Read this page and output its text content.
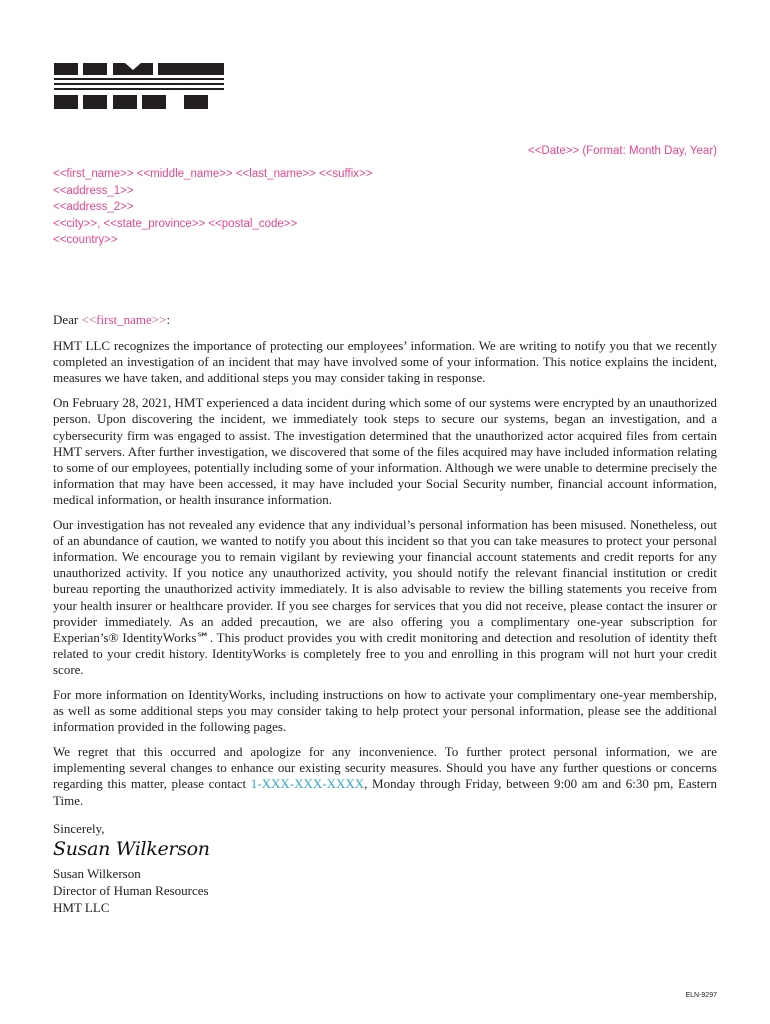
<<Date>> (Format: Month Day, Year)
<<first_name>> <<middle_name>> <<last_name>> <<suffix>>
<<address_1>>
<<address_2>>
<<city>>, <<state_province>> <<postal_code>>
<<country>>
Dear <<first_name>>:

HMT LLC recognizes the importance of protecting our employees’ information. We are writing to notify you that we recently completed an investigation of an incident that may have involved some of your information. This notice explains the incident, measures we have taken, and additional steps you may consider taking in response.

On February 28, 2021, HMT experienced a data incident during which some of our systems were encrypted by an unauthorized person. Upon discovering the incident, we immediately took steps to secure our systems, began an investigation, and a cybersecurity firm was engaged to assist. The investigation determined that the unauthorized actor acquired files from certain HMT servers. After further investigation, we discovered that some of the files acquired may have included information relating to some of our employees, potentially including some of your information. Although we were unable to determine precisely the information that may have been accessed, it may have included your Social Security number, financial account information, medical information, or health insurance information.

Our investigation has not revealed any evidence that any individual’s personal information has been misused. Nonetheless, out of an abundance of caution, we wanted to notify you about this incident so that you can take measures to protect your personal information. We encourage you to remain vigilant by reviewing your financial account statements and credit reports for any unauthorized activity. If you notice any unauthorized activity, you should notify the relevant financial institution or credit bureau reporting the unauthorized activity immediately. It is also advisable to review the billing statements you receive from your health insurer or healthcare provider. If you see charges for services that you did not receive, please contact the insurer or provider immediately. As an added precaution, we are also offering you a complimentary one-year subscription for Experian’s® IdentityWorks℠. This product provides you with credit monitoring and detection and resolution of identity theft related to your credit history. IdentityWorks is completely free to you and enrolling in this program will not hurt your credit score.

For more information on IdentityWorks, including instructions on how to activate your complimentary one-year membership, as well as some additional steps you may consider taking to help protect your personal information, please see the additional information provided in the following pages.

We regret that this occurred and apologize for any inconvenience. To further protect personal information, we are implementing several changes to enhance our existing security measures. Should you have any further questions or concerns regarding this matter, please contact 1-XXX-XXX-XXXX, Monday through Friday, between 9:00 am and 6:30 pm, Eastern Time.

Sincerely,
Susan Wilkerson
Susan Wilkerson
Director of Human Resources
HMT LLC
ELN-9297
